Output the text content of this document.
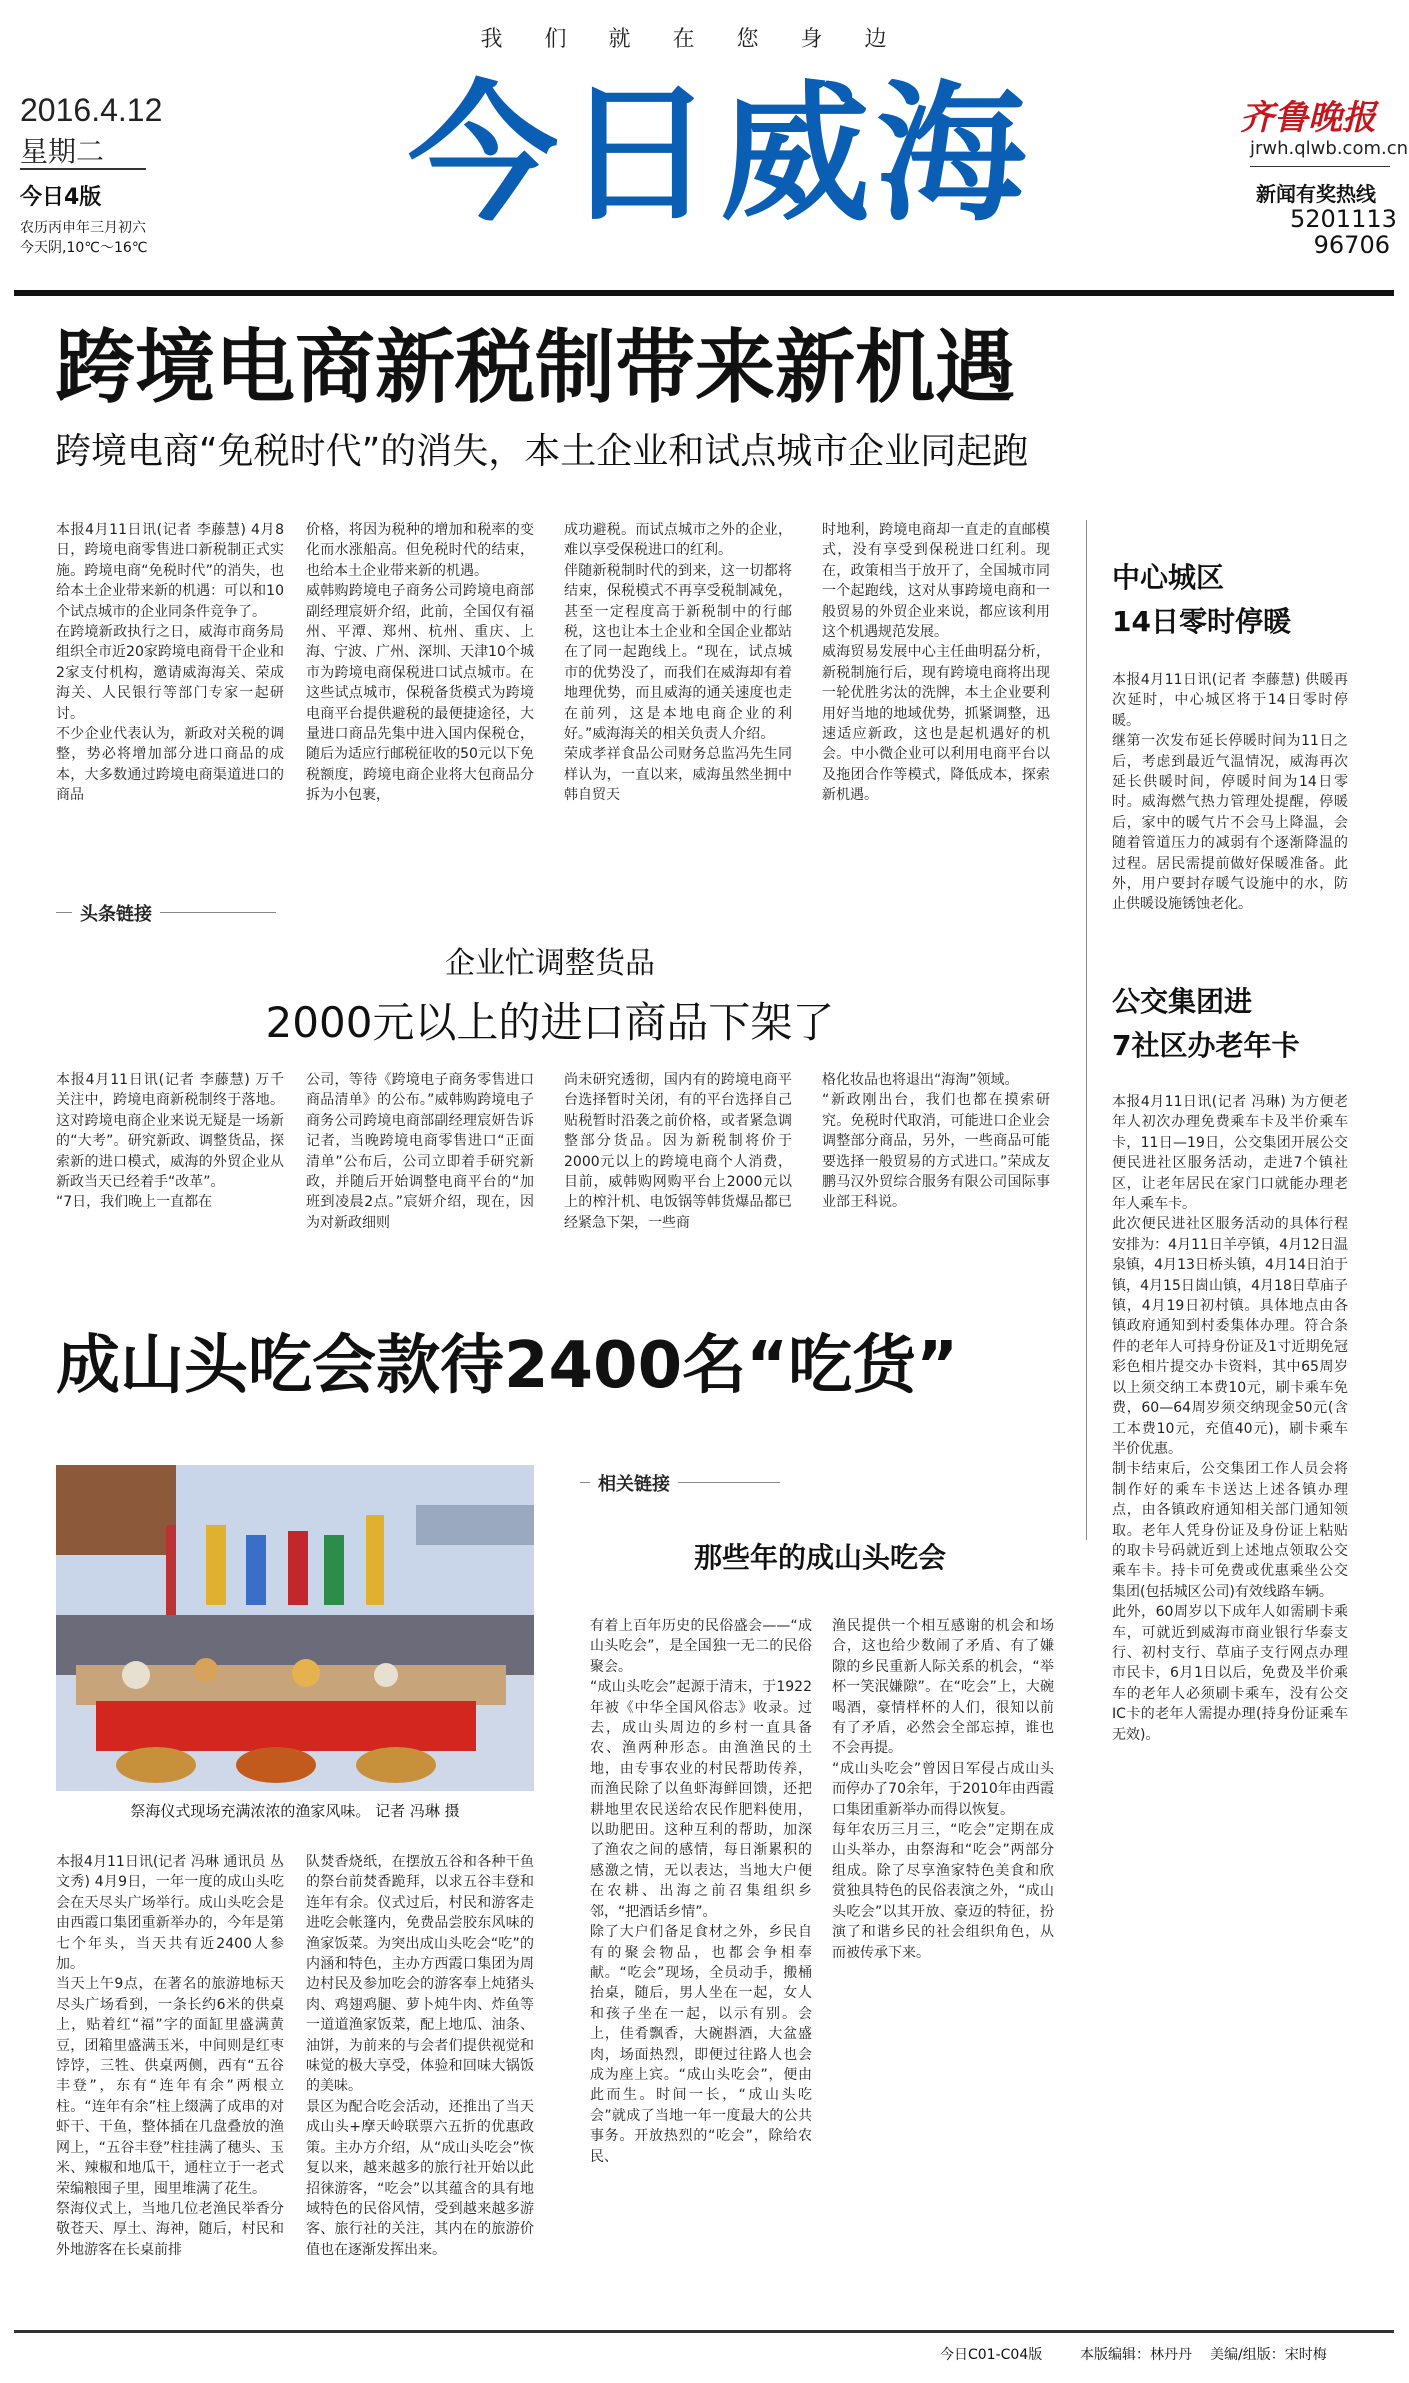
我们就在您身边
2016.4.12
星期二
今日4版
农历丙申年三月初六
今天阴,10℃～16℃
今日威海	齐鲁晚报
jrwh.qlwb.com.cn
新闻有奖热线
5201113
96706
跨境电商新税制带来新机遇
跨境电商“免税时代”的消失，本土企业和试点城市企业同起跑
本报4月11日讯(记者 李藤慧) 4月8日，跨境电商零售进口新税制正式实施。跨境电商“免税时代”的消失，也给本土企业带来新的机遇：可以和10个试点城市的企业同条件竞争了。
在跨境新政执行之日，威海市商务局组织全市近20家跨境电商骨干企业和2家支付机构，邀请威海海关、荣成海关、人民银行等部门专家一起研讨。
不少企业代表认为，新政对关税的调整，势必将增加部分进口商品的成本，大多数通过跨境电商渠道进口的商品
价格，将因为税种的增加和税率的变化而水涨船高。但免税时代的结束，也给本土企业带来新的机遇。
威韩购跨境电子商务公司跨境电商部副经理宸妍介绍，此前，全国仅有福州、平潭、郑州、杭州、重庆、上海、宁波、广州、深圳、天津10个城市为跨境电商保税进口试点城市。在这些试点城市，保税备货模式为跨境电商平台提供避税的最便捷途径，大量进口商品先集中进入国内保税仓，随后为适应行邮税征收的50元以下免税额度，跨境电商企业将大包商品分拆为小包裹，
成功避税。而试点城市之外的企业，难以享受保税进口的红利。
伴随新税制时代的到来，这一切都将结束，保税模式不再享受税制减免，甚至一定程度高于新税制中的行邮税，这也让本土企业和全国企业都站在了同一起跑线上。“现在，试点城市的优势没了，而我们在威海却有着地理优势，而且威海的通关速度也走在前列，这是本地电商企业的利好。”威海海关的相关负责人介绍。
荣成孝祥食品公司财务总监冯先生同样认为，一直以来，威海虽然坐拥中韩自贸天
时地利，跨境电商却一直走的直邮模式，没有享受到保税进口红利。现在，政策相当于放开了，全国城市同一个起跑线，这对从事跨境电商和一般贸易的外贸企业来说，都应该利用这个机遇规范发展。
威海贸易发展中心主任曲明磊分析，新税制施行后，现有跨境电商将出现一轮优胜劣汰的洗牌，本土企业要利用好当地的地域优势，抓紧调整，迅速适应新政，这也是起机遇好的机会。中小微企业可以利用电商平台以及拖团合作等模式，降低成本，探索新机遇。
头条链接
企业忙调整货品
2000元以上的进口商品下架了
本报4月11日讯(记者 李藤慧) 万千关注中，跨境电商新税制终于落地。这对跨境电商企业来说无疑是一场新的“大考”。研究新政、调整货品，探索新的进口模式，威海的外贸企业从新政当天已经着手“改革”。
“7日，我们晚上一直都在
公司，等待《跨境电子商务零售进口商品清单》的公布。”威韩购跨境电子商务公司跨境电商部副经理宸妍告诉记者，当晚跨境电商零售进口“正面清单”公布后，公司立即着手研究新政，并随后开始调整电商平台的“加班到凌晨2点。”宸妍介绍，现在，因为对新政细则
尚未研究透彻，国内有的跨境电商平台选择暂时关闭，有的平台选择自己贴税暂时沿袭之前价格，或者紧急调整部分货品。因为新税制将价于2000元以上的跨境电商个人消费，目前，威韩购网购平台上2000元以上的榨汁机、电饭锅等韩货爆品都已经紧急下架，一些商
格化妆品也将退出“海淘”领域。
“新政刚出台，我们也都在摸索研究。免税时代取消，可能进口企业会调整部分商品，另外，一些商品可能要选择一般贸易的方式进口。”荣成友鹏马汉外贸综合服务有限公司国际事业部王科说。
中心城区
14日零时停暖
本报4月11日讯(记者 李藤慧) 供暖再次延时，中心城区将于14日零时停暖。
继第一次发布延长停暖时间为11日之后，考虑到最近气温情况，威海再次延长供暖时间，停暖时间为14日零时。威海燃气热力管理处提醒，停暖后，家中的暖气片不会马上降温，会随着管道压力的减弱有个逐渐降温的过程。居民需提前做好保暖准备。此外，用户要封存暖气设施中的水，防止供暖设施锈蚀老化。
公交集团进
7社区办老年卡
本报4月11日讯(记者 冯琳) 为方便老年人初次办理免费乘车卡及半价乘车卡，11日—19日，公交集团开展公交便民进社区服务活动，走进7个镇社区，让老年居民在家门口就能办理老年人乘车卡。
此次便民进社区服务活动的具体行程安排为：4月11日羊亭镇，4月12日温泉镇，4月13日桥头镇，4月14日泊于镇，4月15日崮山镇，4月18日草庙子镇，4月19日初村镇。具体地点由各镇政府通知到村委集体办理。符合条件的老年人可持身份证及1寸近期免冠彩色相片提交办卡资料，其中65周岁以上须交纳工本费10元，刷卡乘车免费，60—64周岁须交纳现金50元(含工本费10元，充值40元)，刷卡乘车半价优惠。
制卡结束后，公交集团工作人员会将制作好的乘车卡送达上述各镇办理点，由各镇政府通知相关部门通知领取。老年人凭身份证及身份证上粘贴的取卡号码就近到上述地点领取公交乘车卡。持卡可免费或优惠乘坐公交集团(包括城区公司)有效线路车辆。
此外，60周岁以下成年人如需刷卡乘车，可就近到威海市商业银行华泰支行、初村支行、草庙子支行网点办理市民卡，6月1日以后，免费及半价乘车的老年人必须刷卡乘车，没有公交IC卡的老年人需提办理(持身份证乘车无效)。
成山头吃会款待2400名“吃货”
祭海仪式现场充满浓浓的渔家风味。 记者 冯琳 摄
本报4月11日讯(记者 冯琳 通讯员 丛文秀) 4月9日，一年一度的成山头吃会在天尽头广场举行。成山头吃会是由西霞口集团重新举办的，今年是第七个年头，当天共有近2400人参加。
当天上午9点，在著名的旅游地标天尽头广场看到，一条长约6米的供桌上，贴着红“福”字的面缸里盛满黄豆，团箱里盛满玉米，中间则是红枣饽饽，三牲、供桌两侧，西有“五谷丰登”，东有“连年有余”两根立柱。“连年有余”柱上缀满了成串的对虾干、干鱼，整体插在几盘叠放的渔网上，“五谷丰登”柱挂满了穗头、玉米、辣椒和地瓜干，通柱立于一老式荣编粮囤子里，囤里堆满了花生。
祭海仪式上，当地几位老渔民举香分敬苍天、厚土、海神，随后，村民和外地游客在长桌前排
队焚香烧纸，在摆放五谷和各种干鱼的祭台前焚香跪拜，以求五谷丰登和连年有余。仪式过后，村民和游客走进吃会帐篷内，免费品尝胶东风味的渔家饭菜。为突出成山头吃会“吃”的内涵和特色，主办方西霞口集团为周边村民及参加吃会的游客奉上炖猪头肉、鸡翅鸡腿、萝卜炖牛肉、炸鱼等一道道渔家饭菜，配上地瓜、油条、油饼，为前来的与会者们提供视觉和味觉的极大享受，体验和回味大锅饭的美味。
景区为配合吃会活动，还推出了当天成山头+摩天岭联票六五折的优惠政策。主办方介绍，从“成山头吃会”恢复以来，越来越多的旅行社开始以此招徕游客，“吃会”以其蕴含的具有地域特色的民俗风情，受到越来越多游客、旅行社的关注，其内在的旅游价值也在逐渐发挥出来。
相关链接
那些年的成山头吃会
有着上百年历史的民俗盛会——“成山头吃会”，是全国独一无二的民俗聚会。
“成山头吃会”起源于清末，于1922年被《中华全国风俗志》收录。过去，成山头周边的乡村一直具备农、渔两种形态。由渔渔民的土地，由专事农业的村民帮助传养，而渔民除了以鱼虾海鲜回馈，还把耕地里农民送给农民作肥料使用，以助肥田。这种互利的帮助，加深了渔农之间的感情，每日渐累积的感激之情，无以表达，当地大户便在农耕、出海之前召集组织乡邻，“把酒话乡情”。
除了大户们备足食材之外，乡民自有的聚会物品，也都会争相奉献。“吃会”现场，全员动手，搬桶抬桌，随后，男人坐在一起，女人和孩子坐在一起，以示有别。会上，佳肴飘香，大碗斟酒，大盆盛肉，场面热烈，即便过往路人也会成为座上宾。“成山头吃会”，便由此而生。时间一长，“成山头吃会”就成了当地一年一度最大的公共事务。开放热烈的“吃会”，除给农民、
渔民提供一个相互感谢的机会和场合，这也给少数闹了矛盾、有了嫌隙的乡民重新人际关系的机会，“举杯一笑泯嫌隙”。在“吃会”上，大碗喝酒，豪情样杯的人们，很知以前有了矛盾，必然会全部忘掉，谁也不会再提。
“成山头吃会”曾因日军侵占成山头而停办了70余年，于2010年由西霞口集团重新举办而得以恢复。
每年农历三月三，“吃会”定期在成山头举办，由祭海和“吃会”两部分组成。除了尽享渔家特色美食和欣赏独具特色的民俗表演之外，“成山头吃会”以其开放、豪迈的特征，扮演了和谐乡民的社会组织角色，从而被传承下来。
今日C01-C04版	本版编辑：林丹丹 美编/组版：宋时梅
